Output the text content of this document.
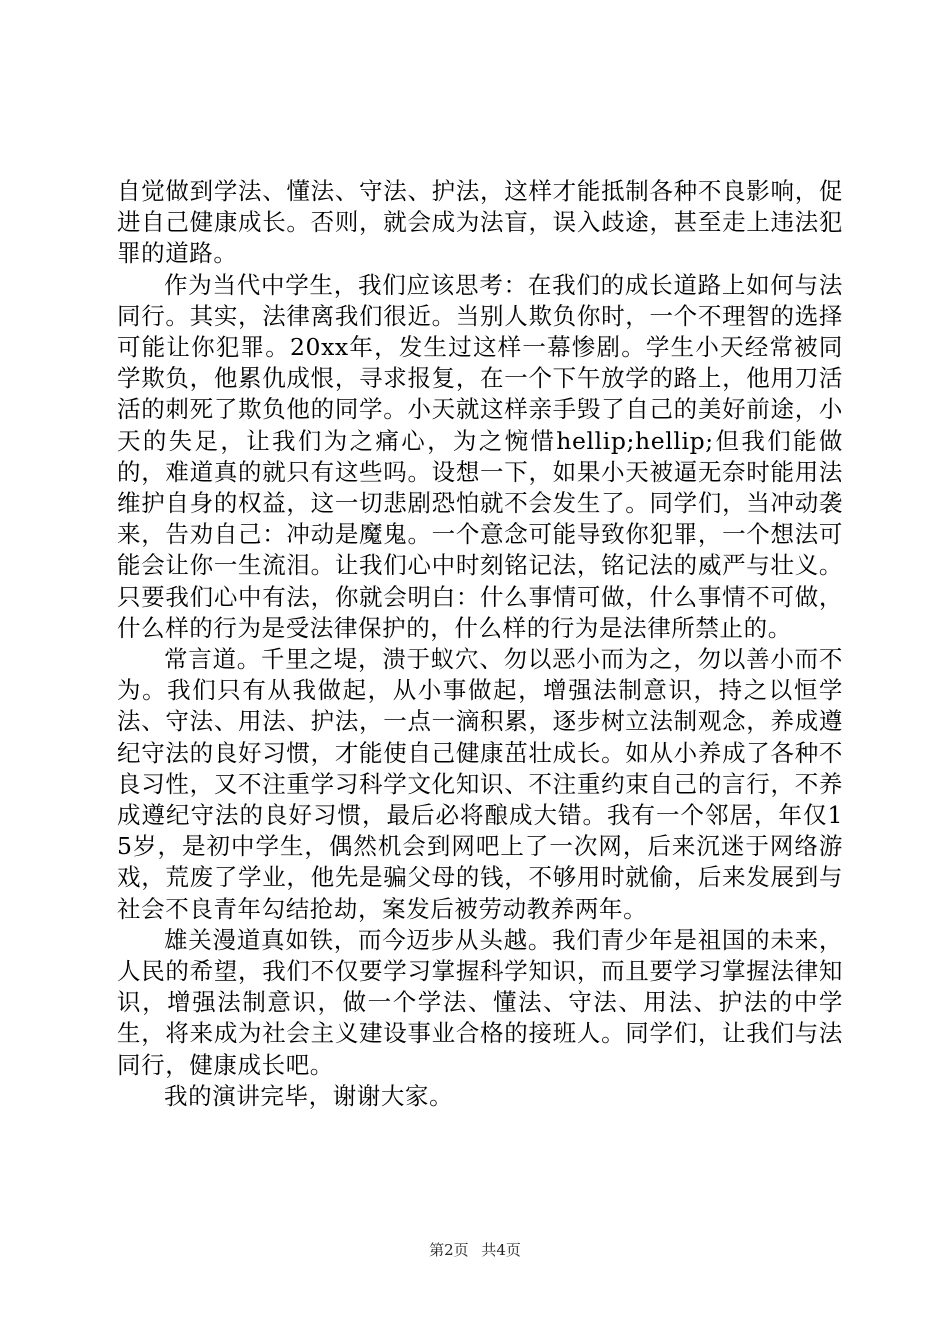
自觉做到学法、懂法、守法、护法，这样才能抵制各种不良影响，促进自己健康成长。否则，就会成为法盲，误入歧途，甚至走上违法犯罪的道路。

作为当代中学生，我们应该思考：在我们的成长道路上如何与法同行。其实，法律离我们很近。当别人欺负你时，一个不理智的选择可能让你犯罪。20xx年，发生过这样一幕惨剧。学生小天经常被同学欺负，他累仇成恨，寻求报复，在一个下午放学的路上，他用刀活活的刺死了欺负他的同学。小天就这样亲手毁了自己的美好前途，小天的失足，让我们为之痛心，为之惋惜hellip;hellip;但我们能做的，难道真的就只有这些吗。设想一下，如果小天被逼无奈时能用法维护自身的权益，这一切悲剧恐怕就不会发生了。同学们，当冲动袭来，告劝自己：冲动是魔鬼。一个意念可能导致你犯罪，一个想法可能会让你一生流泪。让我们心中时刻铭记法，铭记法的威严与壮义。只要我们心中有法，你就会明白：什么事情可做，什么事情不可做，什么样的行为是受法律保护的，什么样的行为是法律所禁止的。

常言道。千里之堤，溃于蚁穴、勿以恶小而为之，勿以善小而不为。我们只有从我做起，从小事做起，增强法制意识，持之以恒学法、守法、用法、护法，一点一滴积累，逐步树立法制观念，养成遵纪守法的良好习惯，才能使自己健康茁壮成长。如从小养成了各种不良习性，又不注重学习科学文化知识、不注重约束自己的言行，不养成遵纪守法的良好习惯，最后必将酿成大错。我有一个邻居，年仅15岁，是初中学生，偶然机会到网吧上了一次网，后来沉迷于网络游戏，荒废了学业，他先是骗父母的钱，不够用时就偷，后来发展到与社会不良青年勾结抢劫，案发后被劳动教养两年。

雄关漫道真如铁，而今迈步从头越。我们青少年是祖国的未来，人民的希望，我们不仅要学习掌握科学知识，而且要学习掌握法律知识，增强法制意识，做一个学法、懂法、守法、用法、护法的中学生，将来成为社会主义建设事业合格的接班人。同学们，让我们与法同行，健康成长吧。

我的演讲完毕，谢谢大家。

第2页 共4页
